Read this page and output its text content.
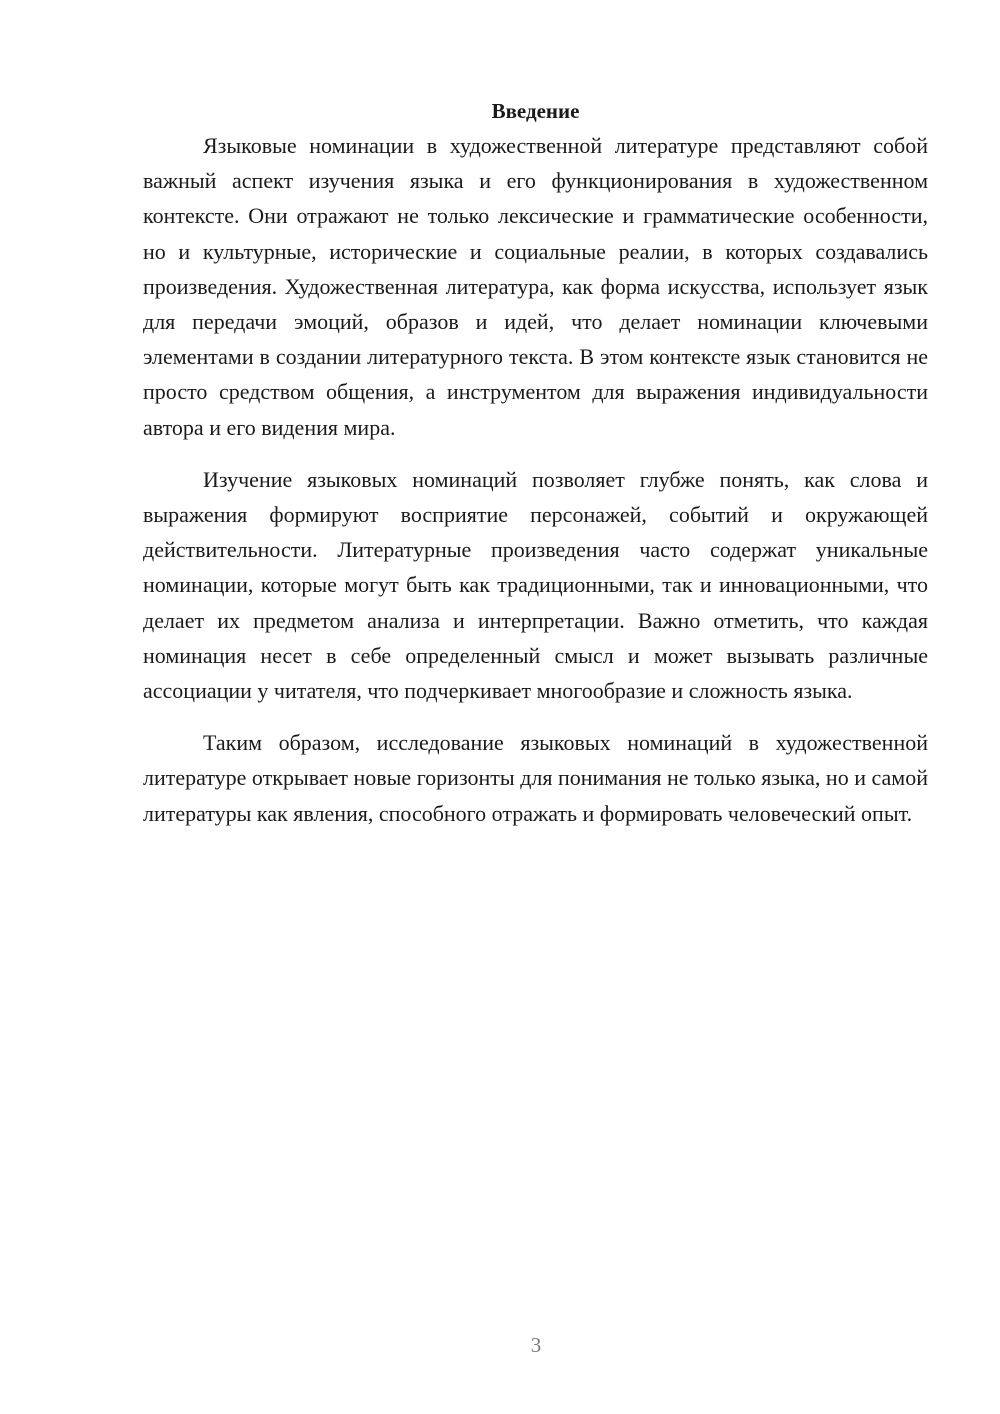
Введение

Языковые номинации в художественной литературе представляют собой важный аспект изучения языка и его функционирования в художественном контексте. Они отражают не только лексические и грамматические особенности, но и культурные, исторические и социальные реалии, в которых создавались произведения. Художественная литература, как форма искусства, использует язык для передачи эмоций, образов и идей, что делает номинации ключевыми элементами в создании литературного текста. В этом контексте язык становится не просто средством общения, а инструментом для выражения индивидуальности автора и его видения мира.

Изучение языковых номинаций позволяет глубже понять, как слова и выражения формируют восприятие персонажей, событий и окружающей действительности. Литературные произведения часто содержат уникальные номинации, которые могут быть как традиционными, так и инновационными, что делает их предметом анализа и интерпретации. Важно отметить, что каждая номинация несет в себе определенный смысл и может вызывать различные ассоциации у читателя, что подчеркивает многообразие и сложность языка.

Таким образом, исследование языковых номинаций в художественной литературе открывает новые горизонты для понимания не только языка, но и самой литературы как явления, способного отражать и формировать человеческий опыт.

3
